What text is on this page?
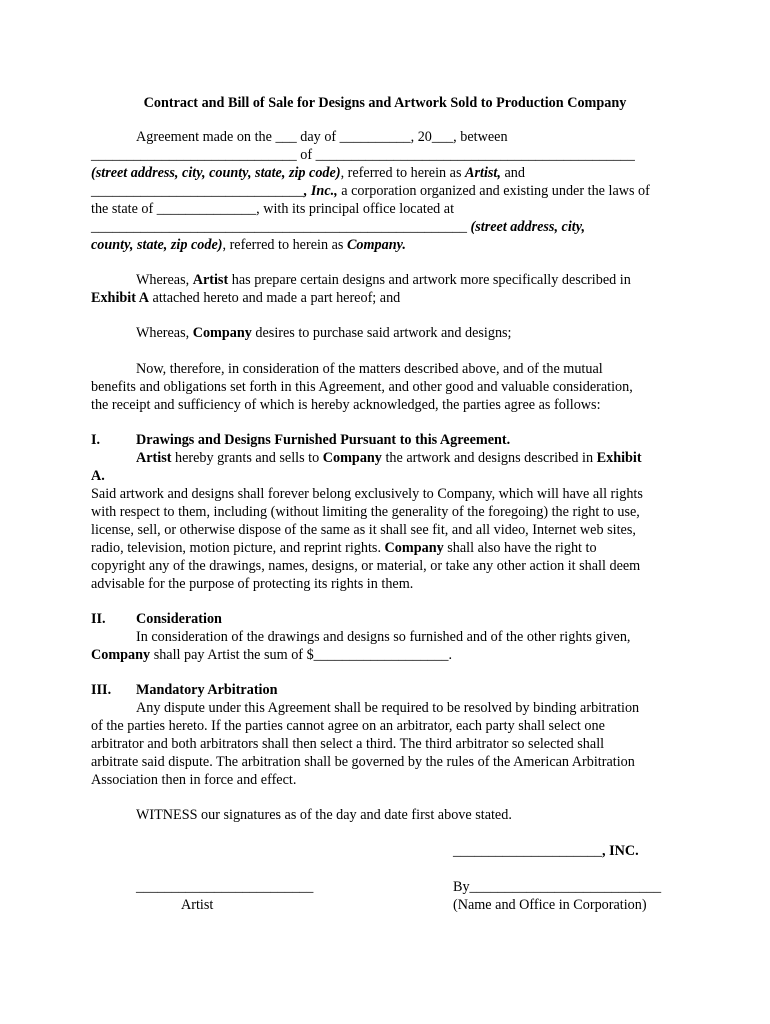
Contract and Bill of Sale for Designs and Artwork Sold to Production Company
Agreement made on the ___ day of __________, 20___, between
_____________________________ of _____________________________________________
(street address, city, county, state, zip code), referred to herein as Artist, and
______________________________, Inc., a corporation organized and existing under the laws of
the state of ______________, with its principal office located at
_____________________________________________________ (street address, city,
county, state, zip code), referred to herein as Company.
Whereas, Artist has prepare certain designs and artwork more specifically described in
Exhibit A attached hereto and made a part hereof; and
Whereas, Company desires to purchase said artwork and designs;
Now, therefore, in consideration of the matters described above, and of the mutual
benefits and obligations set forth in this Agreement, and other good and valuable consideration,
the receipt and sufficiency of which is hereby acknowledged, the parties agree as follows:
I.	Drawings and Designs Furnished Pursuant to this Agreement.
Artist hereby grants and sells to Company the artwork and designs described in Exhibit
A.
Said artwork and designs shall forever belong exclusively to Company, which will have all rights
with respect to them, including (without limiting the generality of the foregoing) the right to use,
license, sell, or otherwise dispose of the same as it shall see fit, and all video, Internet web sites,
radio, television, motion picture, and reprint rights. Company shall also have the right to
copyright any of the drawings, names, designs, or material, or take any other action it shall deem
advisable for the purpose of protecting its rights in them.
II. Consideration
In consideration of the drawings and designs so furnished and of the other rights given,
Company shall pay Artist the sum of $___________________.
III. Mandatory Arbitration
Any dispute under this Agreement shall be required to be resolved by binding arbitration
of the parties hereto. If the parties cannot agree on an arbitrator, each party shall select one
arbitrator and both arbitrators shall then select a third. The third arbitrator so selected shall
arbitrate said dispute. The arbitration shall be governed by the rules of the American Arbitration
Association then in force and effect.
WITNESS our signatures as of the day and date first above stated.
_____________________, INC.
_________________________
Artist
By___________________________
(Name and Office in Corporation)
